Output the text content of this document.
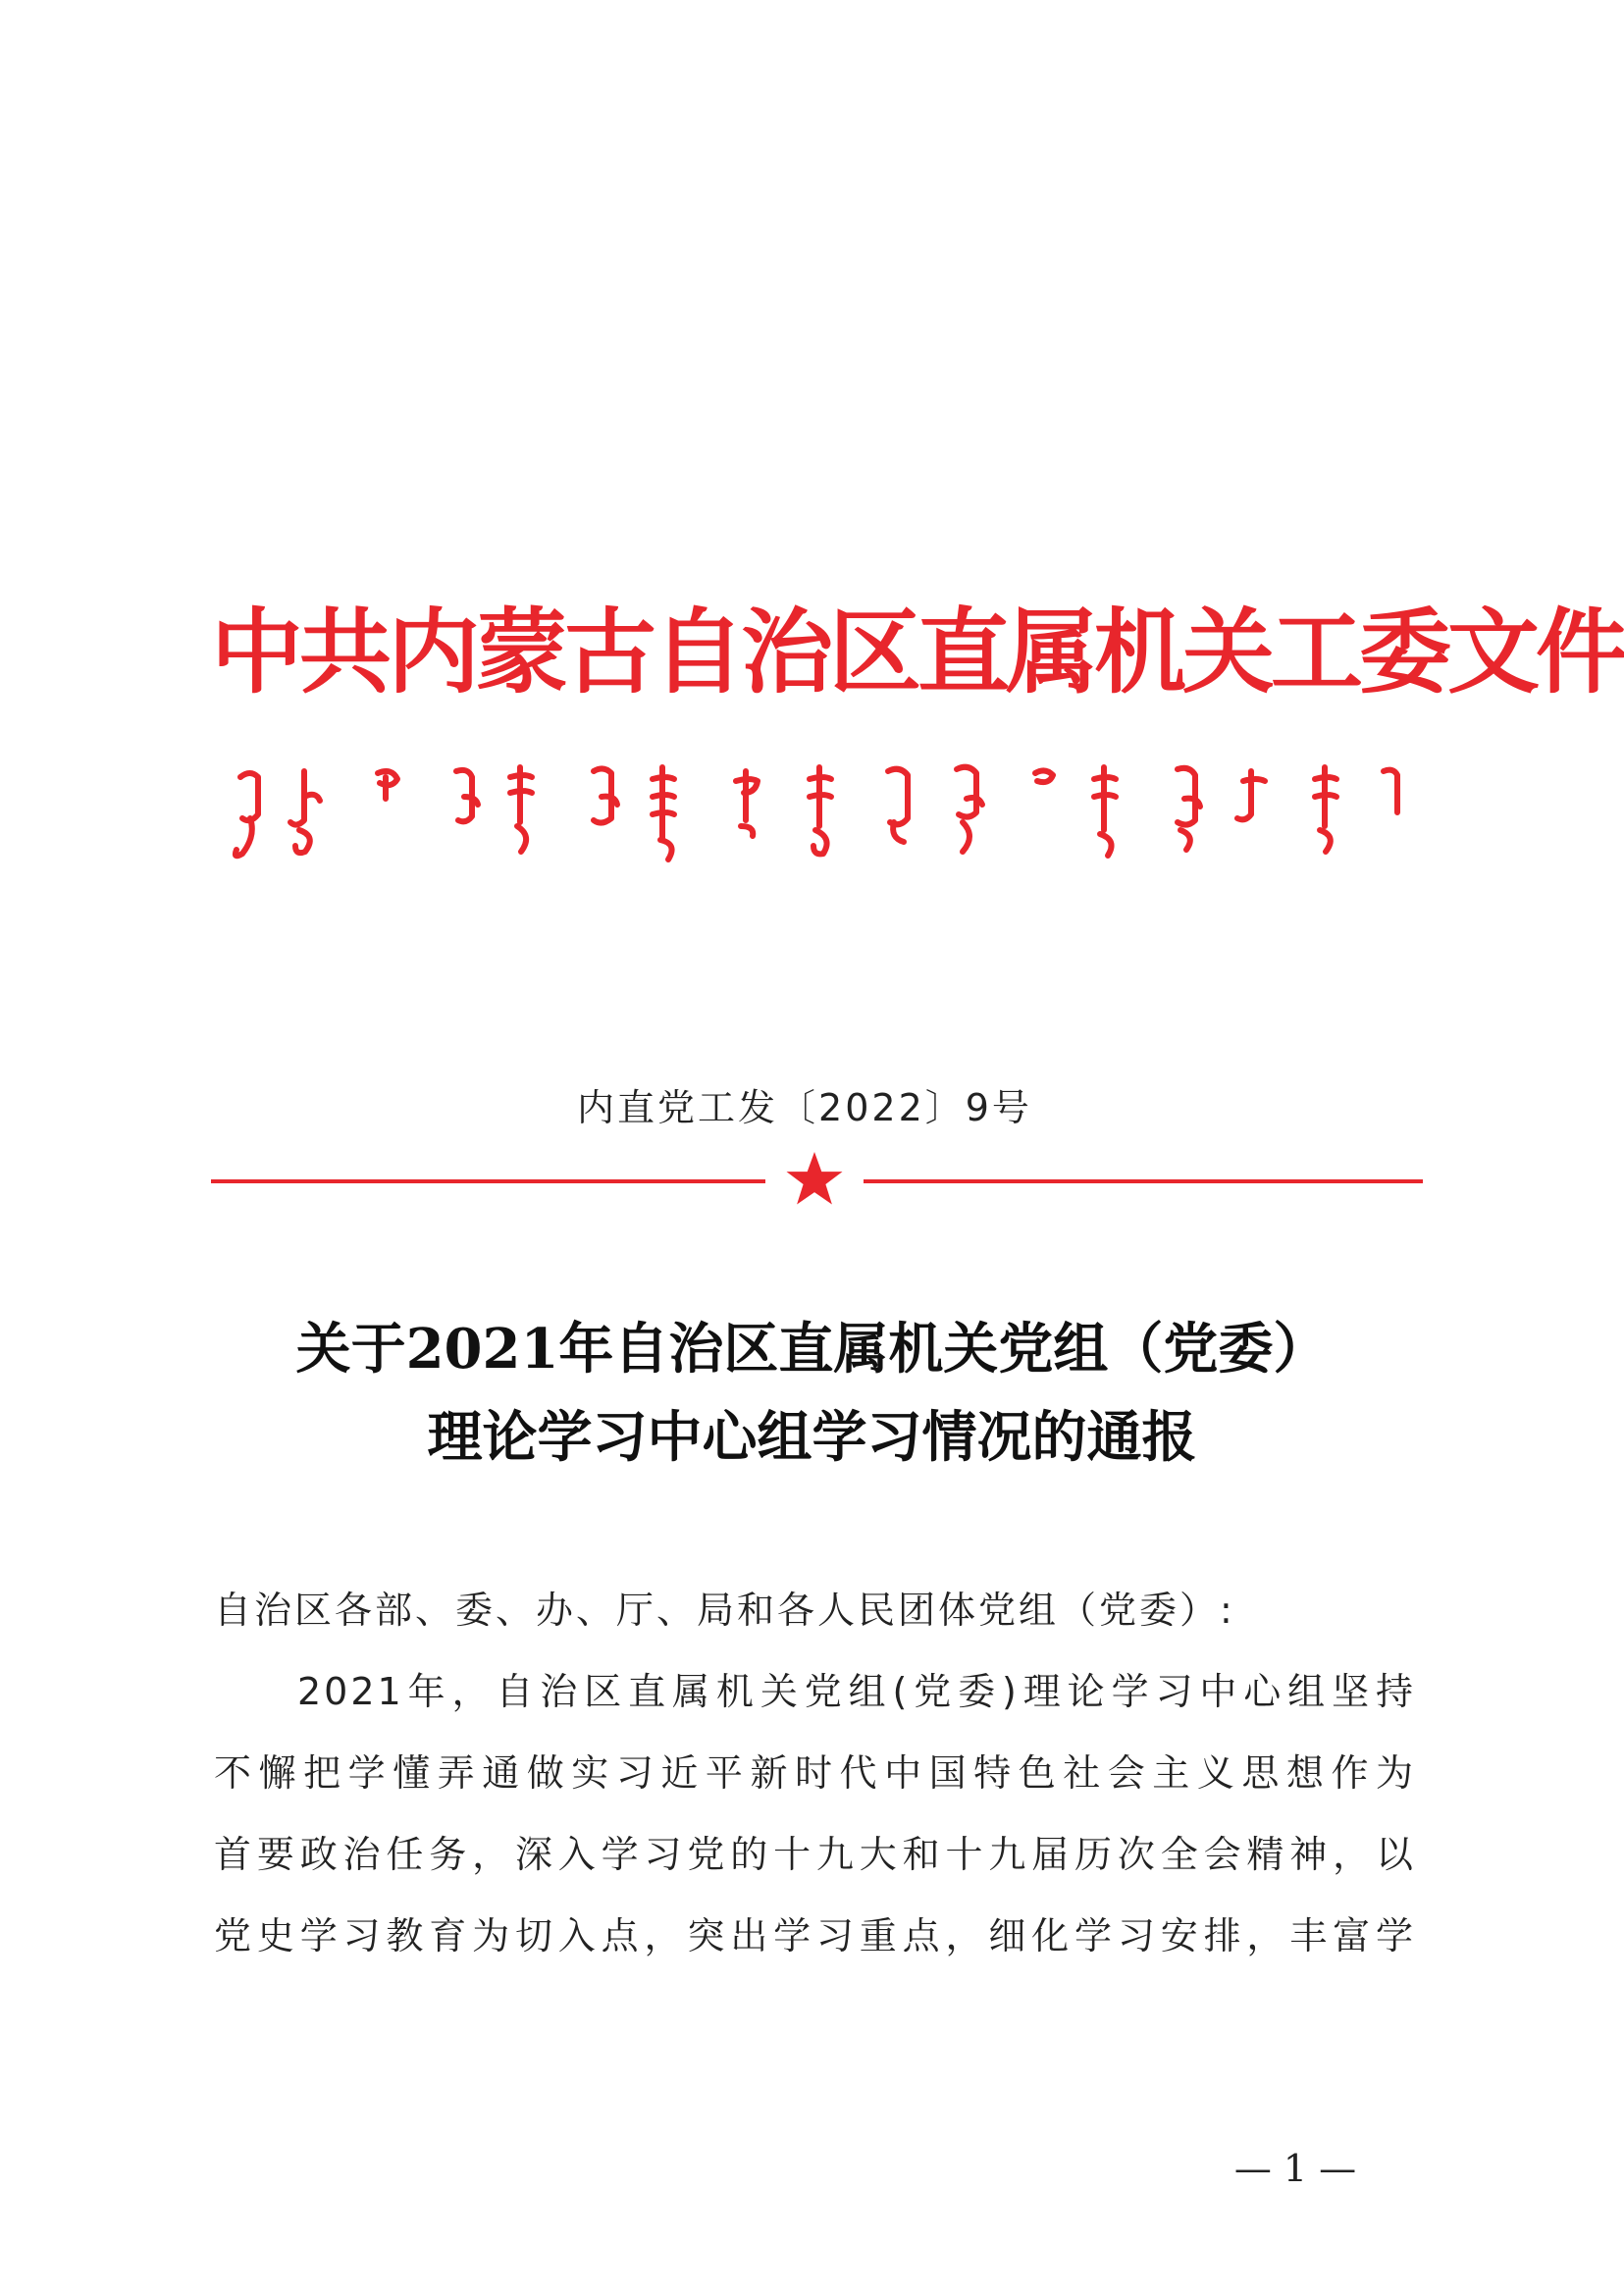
中共内蒙古自治区直属机关工委文件
内直党工发〔2022〕9号
关于2021年自治区直属机关党组（党委）
理论学习中心组学习情况的通报
自治区各部、委、办、厅、局和各人民团体党组（党委）:
2021年，自治区直属机关党组(党委)理论学习中心组坚持
不懈把学懂弄通做实习近平新时代中国特色社会主义思想作为
首要政治任务，深入学习党的十九大和十九届历次全会精神，以
党史学习教育为切入点，突出学习重点，细化学习安排，丰富学
— 1 —
